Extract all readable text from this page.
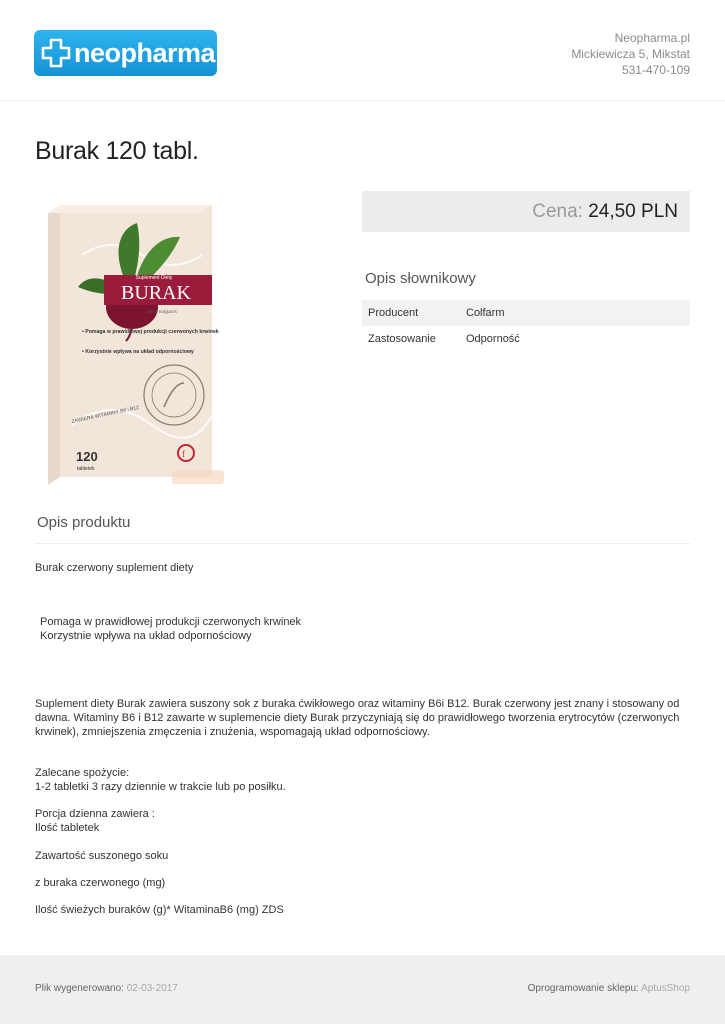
neopharma	Neopharma.pl
Mickiewicza 5, Mikstat
531-470-109
Burak 120 tabl.
Suplement Diety
BURAK
Beta vulgaris
• Pomaga w prawidłowej produkcji czerwonych krwinek
• Korzystnie wpływa na układ odpornościowy
ZAWIERA WITAMINY B6 i B12
120
tabletek
f
Cena: 24,50 PLN
Opis słownikowy
Producent	Colfarm
Zastosowanie	Odporność
Opis produktu
Burak czerwony suplement diety
Pomaga w prawidłowej produkcji czerwonych krwinek
Korzystnie wpływa na układ odpornościowy
Suplement diety Burak zawiera suszony sok z buraka ćwikłowego oraz witaminy B6i B12. Burak czerwony jest znany i stosowany od dawna. Witaminy B6 i B12 zawarte w suplemencie diety Burak przyczyniają się do prawidłowego tworzenia erytrocytów (czerwonych krwinek), zmniejszenia zmęczenia i znużenia, wspomagają układ odpornościowy.
Zalecane spożycie:
1-2 tabletki 3 razy dziennie w trakcie lub po posiłku.
Porcja dzienna zawiera :
Ilość tabletek
Zawartość suszonego soku
z buraka czerwonego (mg)
Ilość świeżych buraków (g)* WitaminaB6 (mg) ZDS
Plik wygenerowano: 02-03-2017	Oprogramowanie sklepu: AptusShop
